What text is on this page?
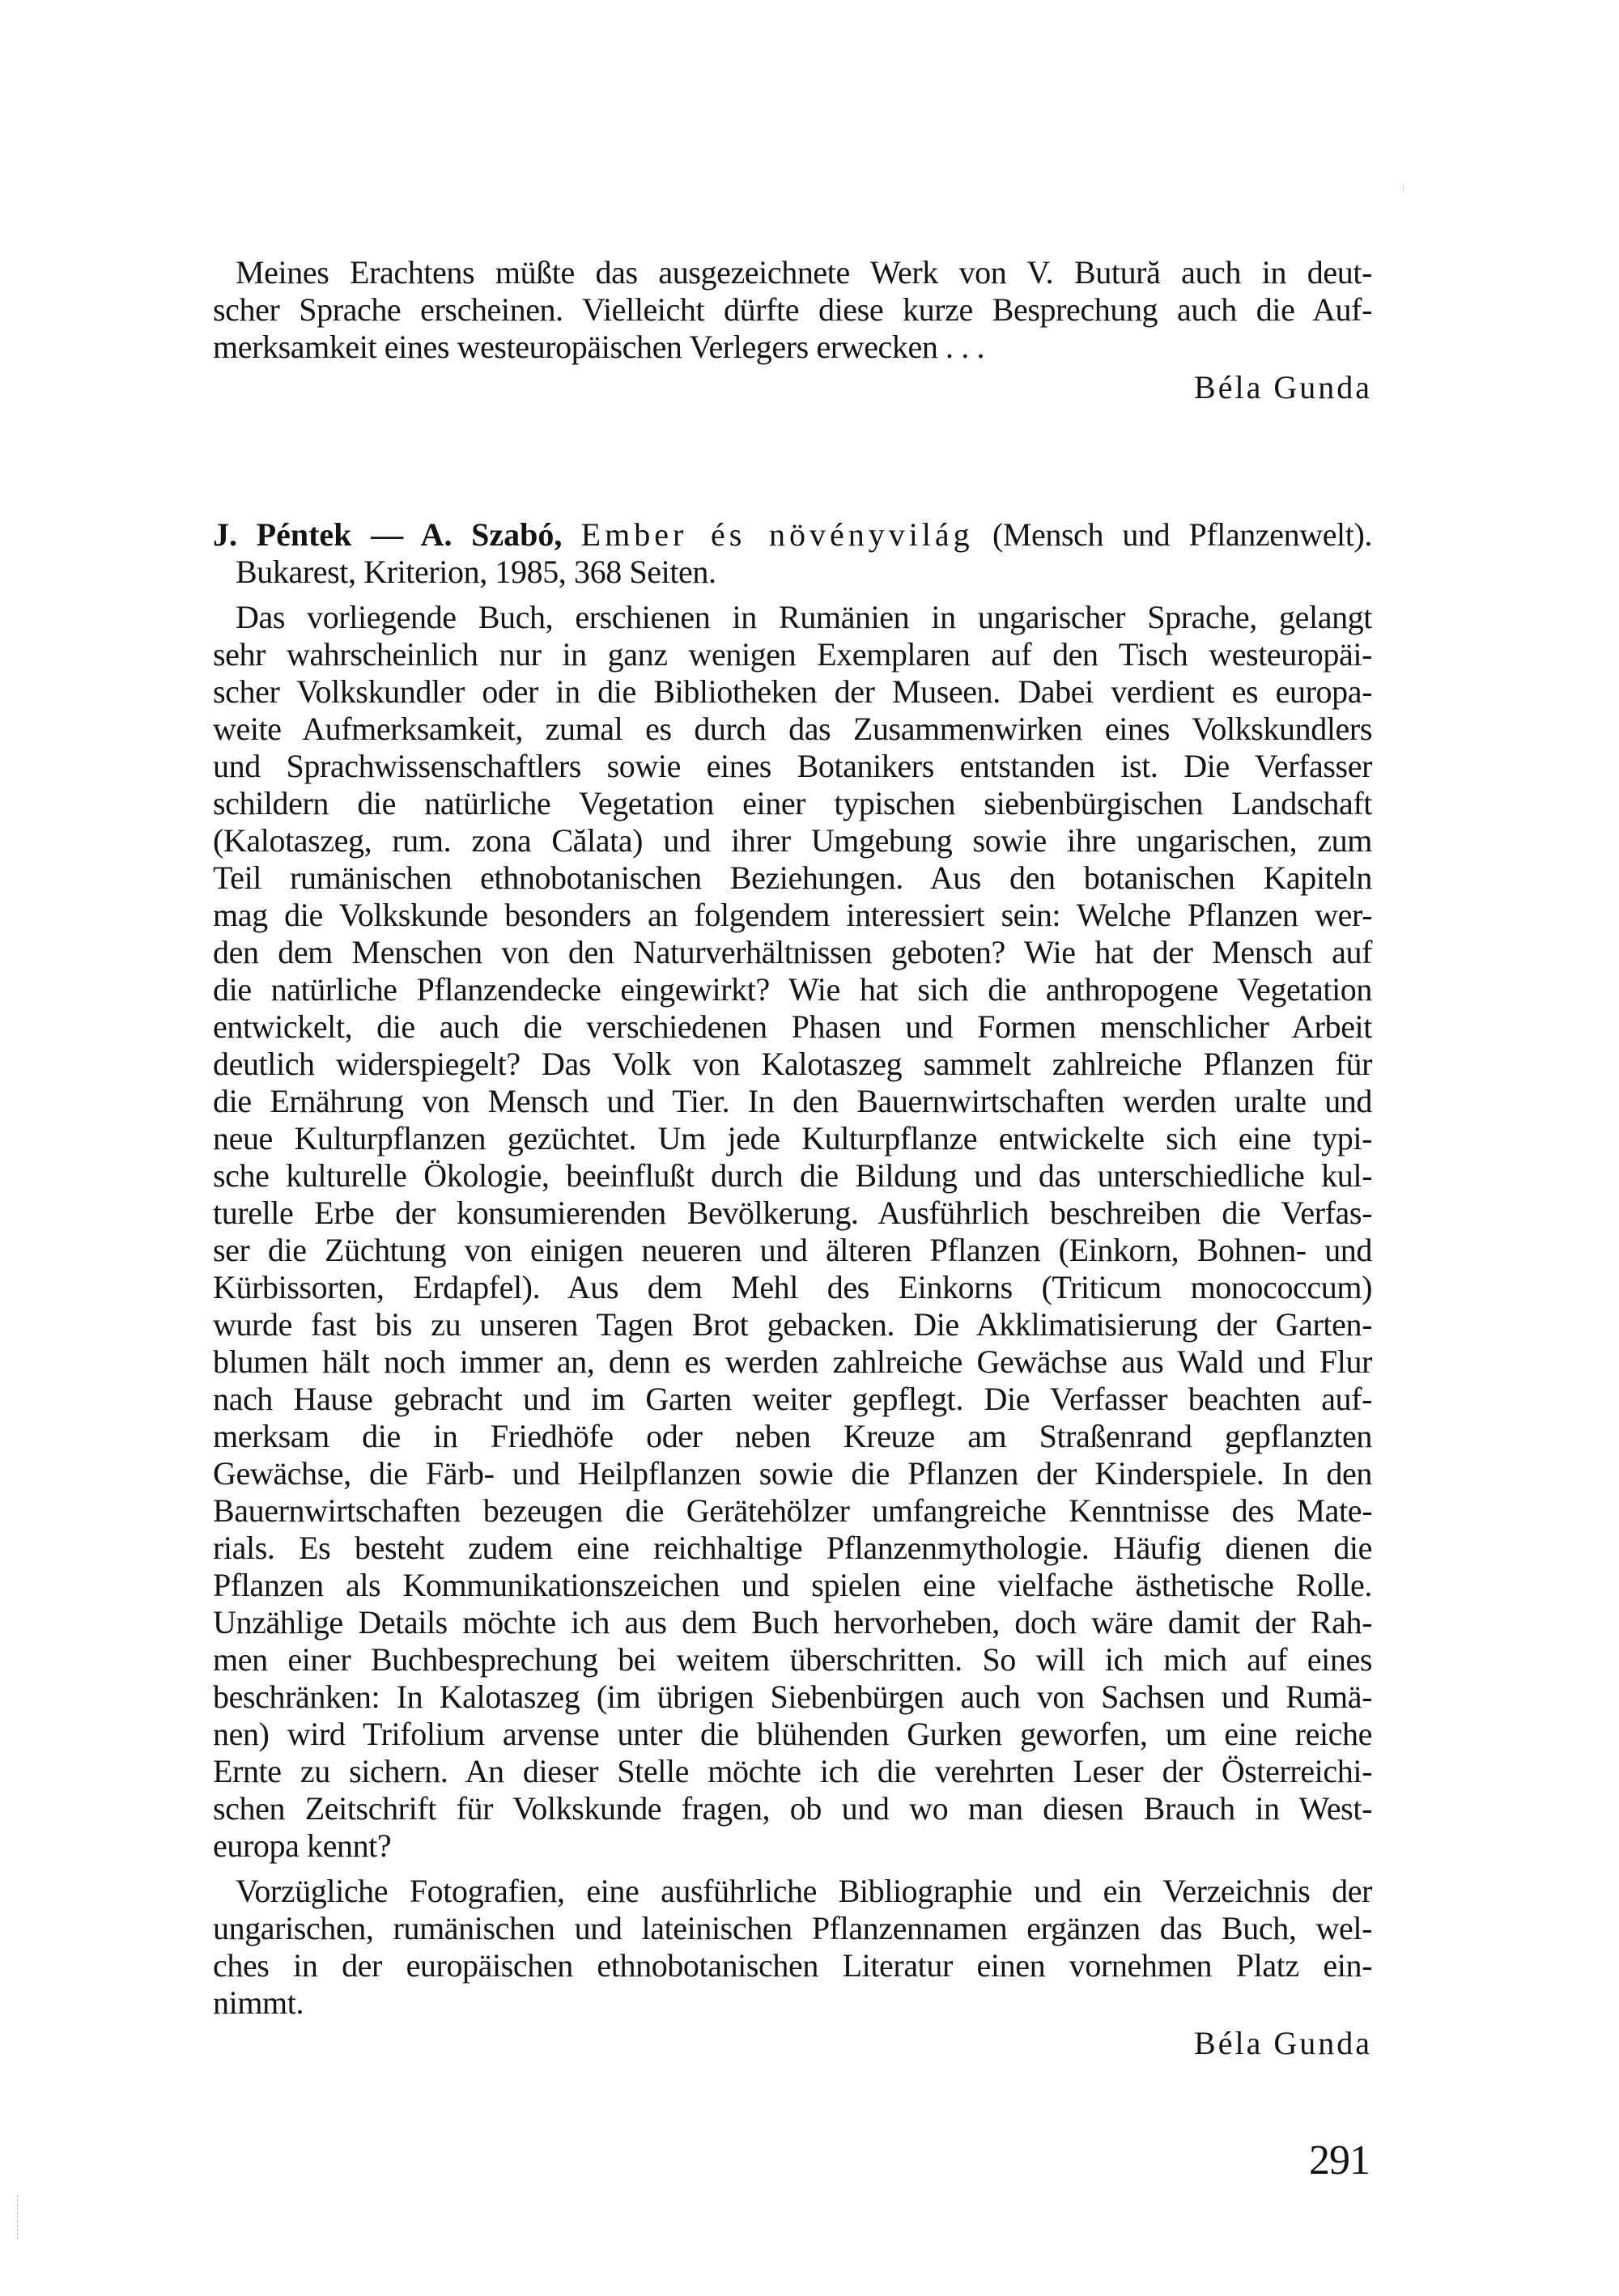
Meines Erachtens müßte das ausgezeichnete Werk von V. Butură auch in deut-
scher Sprache erscheinen. Vielleicht dürfte diese kurze Besprechung auch die Auf-
merksamkeit eines westeuropäischen Verlegers erwecken . . .
Béla Gunda
J. Péntek — A. Szabó, Ember és növényvilág (Mensch und Pflanzenwelt).
Bukarest, Kriterion, 1985, 368 Seiten.
Das vorliegende Buch, erschienen in Rumänien in ungarischer Sprache, gelangt
sehr wahrscheinlich nur in ganz wenigen Exemplaren auf den Tisch westeuropäi-
scher Volkskundler oder in die Bibliotheken der Museen. Dabei verdient es europa-
weite Aufmerksamkeit, zumal es durch das Zusammenwirken eines Volkskundlers
und Sprachwissenschaftlers sowie eines Botanikers entstanden ist. Die Verfasser
schildern die natürliche Vegetation einer typischen siebenbürgischen Landschaft
(Kalotaszeg, rum. zona Călata) und ihrer Umgebung sowie ihre ungarischen, zum
Teil rumänischen ethnobotanischen Beziehungen. Aus den botanischen Kapiteln
mag die Volkskunde besonders an folgendem interessiert sein: Welche Pflanzen wer-
den dem Menschen von den Naturverhältnissen geboten? Wie hat der Mensch auf
die natürliche Pflanzendecke eingewirkt? Wie hat sich die anthropogene Vegetation
entwickelt, die auch die verschiedenen Phasen und Formen menschlicher Arbeit
deutlich widerspiegelt? Das Volk von Kalotaszeg sammelt zahlreiche Pflanzen für
die Ernährung von Mensch und Tier. In den Bauernwirtschaften werden uralte und
neue Kulturpflanzen gezüchtet. Um jede Kulturpflanze entwickelte sich eine typi-
sche kulturelle Ökologie, beeinflußt durch die Bildung und das unterschiedliche kul-
turelle Erbe der konsumierenden Bevölkerung. Ausführlich beschreiben die Verfas-
ser die Züchtung von einigen neueren und älteren Pflanzen (Einkorn, Bohnen- und
Kürbissorten, Erdapfel). Aus dem Mehl des Einkorns (Triticum monococcum)
wurde fast bis zu unseren Tagen Brot gebacken. Die Akklimatisierung der Garten-
blumen hält noch immer an, denn es werden zahlreiche Gewächse aus Wald und Flur
nach Hause gebracht und im Garten weiter gepflegt. Die Verfasser beachten auf-
merksam die in Friedhöfe oder neben Kreuze am Straßenrand gepflanzten
Gewächse, die Färb- und Heilpflanzen sowie die Pflanzen der Kinderspiele. In den
Bauernwirtschaften bezeugen die Gerätehölzer umfangreiche Kenntnisse des Mate-
rials. Es besteht zudem eine reichhaltige Pflanzenmythologie. Häufig dienen die
Pflanzen als Kommunikationszeichen und spielen eine vielfache ästhetische Rolle.
Unzählige Details möchte ich aus dem Buch hervorheben, doch wäre damit der Rah-
men einer Buchbesprechung bei weitem überschritten. So will ich mich auf eines
beschränken: In Kalotaszeg (im übrigen Siebenbürgen auch von Sachsen und Rumä-
nen) wird Trifolium arvense unter die blühenden Gurken geworfen, um eine reiche
Ernte zu sichern. An dieser Stelle möchte ich die verehrten Leser der Österreichi-
schen Zeitschrift für Volkskunde fragen, ob und wo man diesen Brauch in West-
europa kennt?
Vorzügliche Fotografien, eine ausführliche Bibliographie und ein Verzeichnis der
ungarischen, rumänischen und lateinischen Pflanzennamen ergänzen das Buch, wel-
ches in der europäischen ethnobotanischen Literatur einen vornehmen Platz ein-
nimmt.
Béla Gunda
291
